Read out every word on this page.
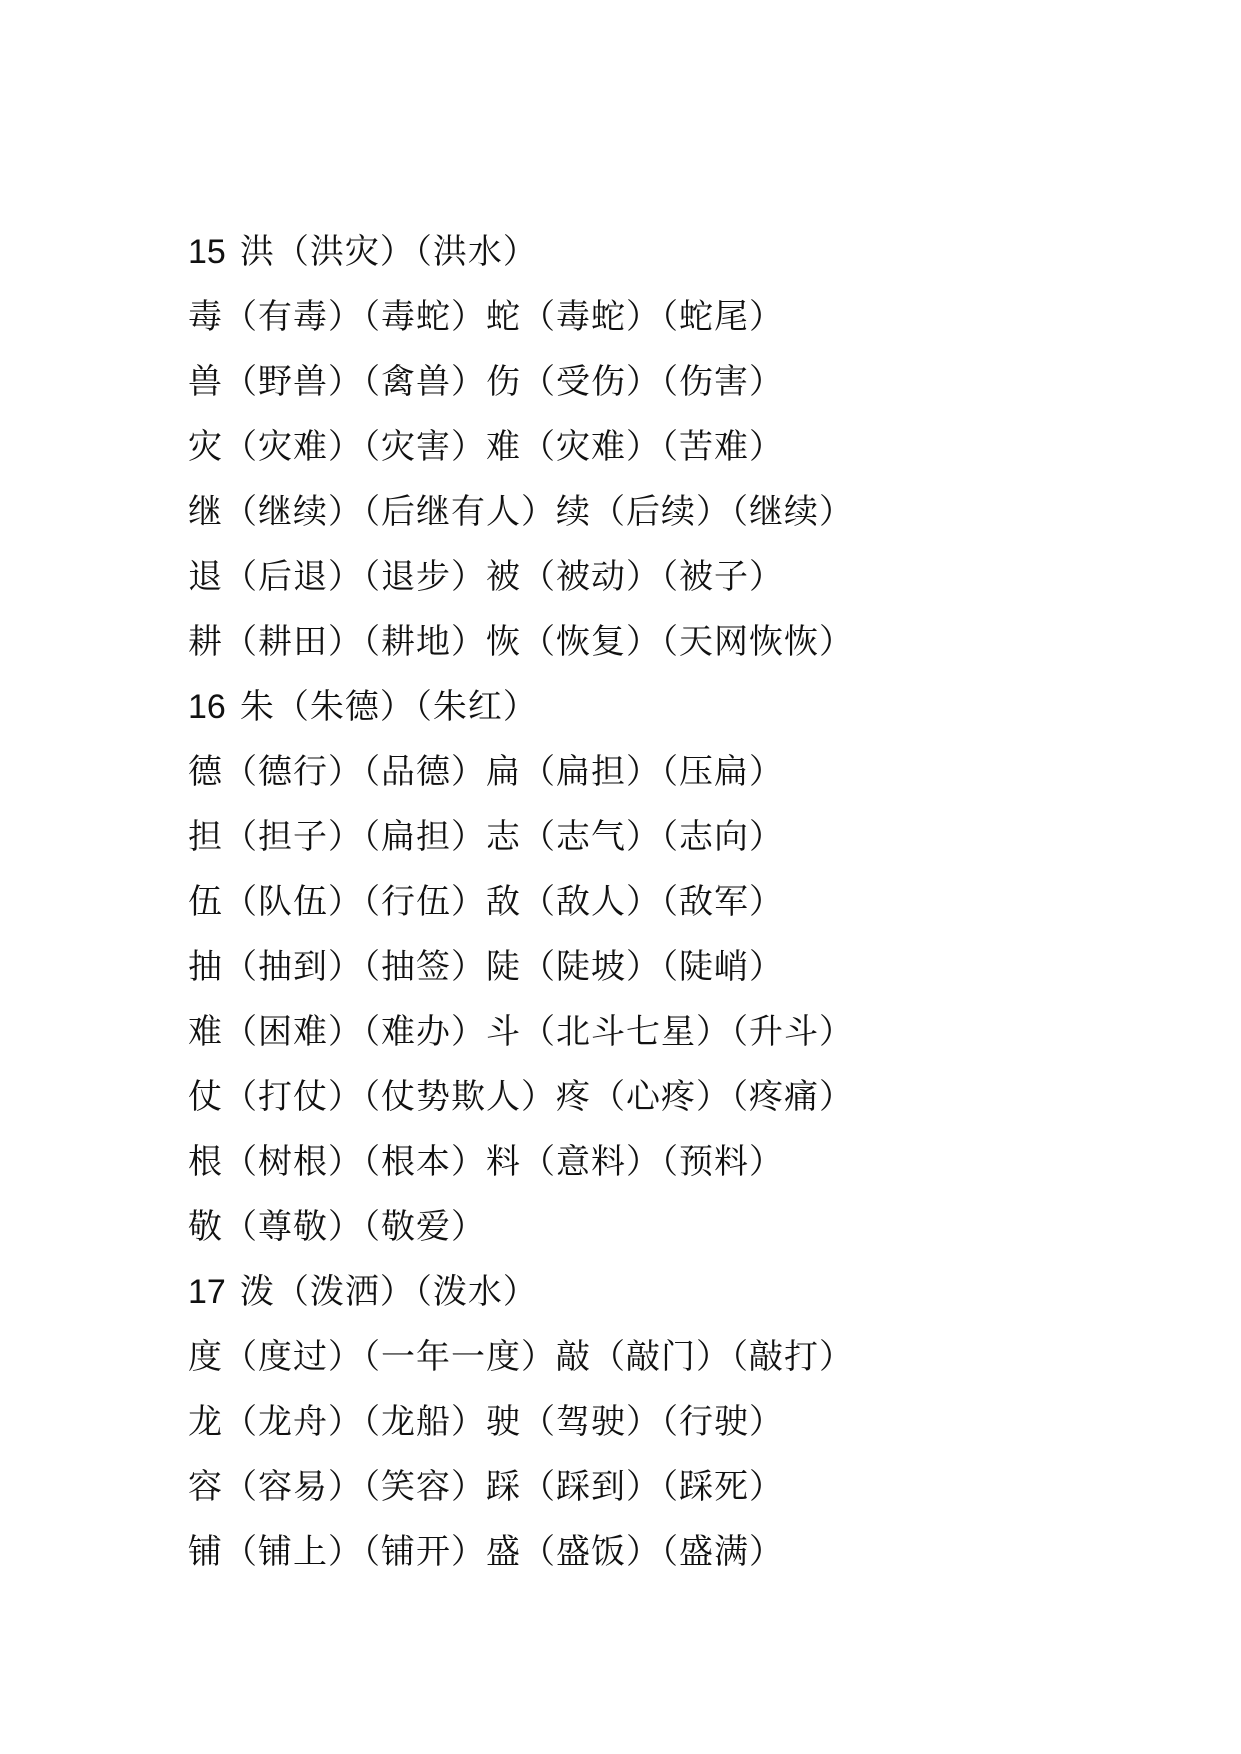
15 洪（洪灾）（洪水）
毒（有毒）（毒蛇）蛇（毒蛇）（蛇尾）
兽（野兽）（禽兽）伤（受伤）（伤害）
灾（灾难）（灾害）难（灾难）（苦难）
继（继续）（后继有人）续（后续）（继续）
退（后退）（退步）被（被动）（被子）
耕（耕田）（耕地）恢（恢复）（天网恢恢）
16 朱（朱德）（朱红）
德（德行）（品德）扁（扁担）（压扁）
担（担子）（扁担）志（志气）（志向）
伍（队伍）（行伍）敌（敌人）（敌军）
抽（抽到）（抽签）陡（陡坡）（陡峭）
难（困难）（难办）斗（北斗七星）（升斗）
仗（打仗）（仗势欺人）疼（心疼）（疼痛）
根（树根）（根本）料（意料）（预料）
敬（尊敬）（敬爱）
17 泼（泼洒）（泼水）
度（度过）（一年一度）敲（敲门）（敲打）
龙（龙舟）（龙船）驶（驾驶）（行驶）
容（容易）（笑容）踩（踩到）（踩死）
铺（铺上）（铺开）盛（盛饭）（盛满）
